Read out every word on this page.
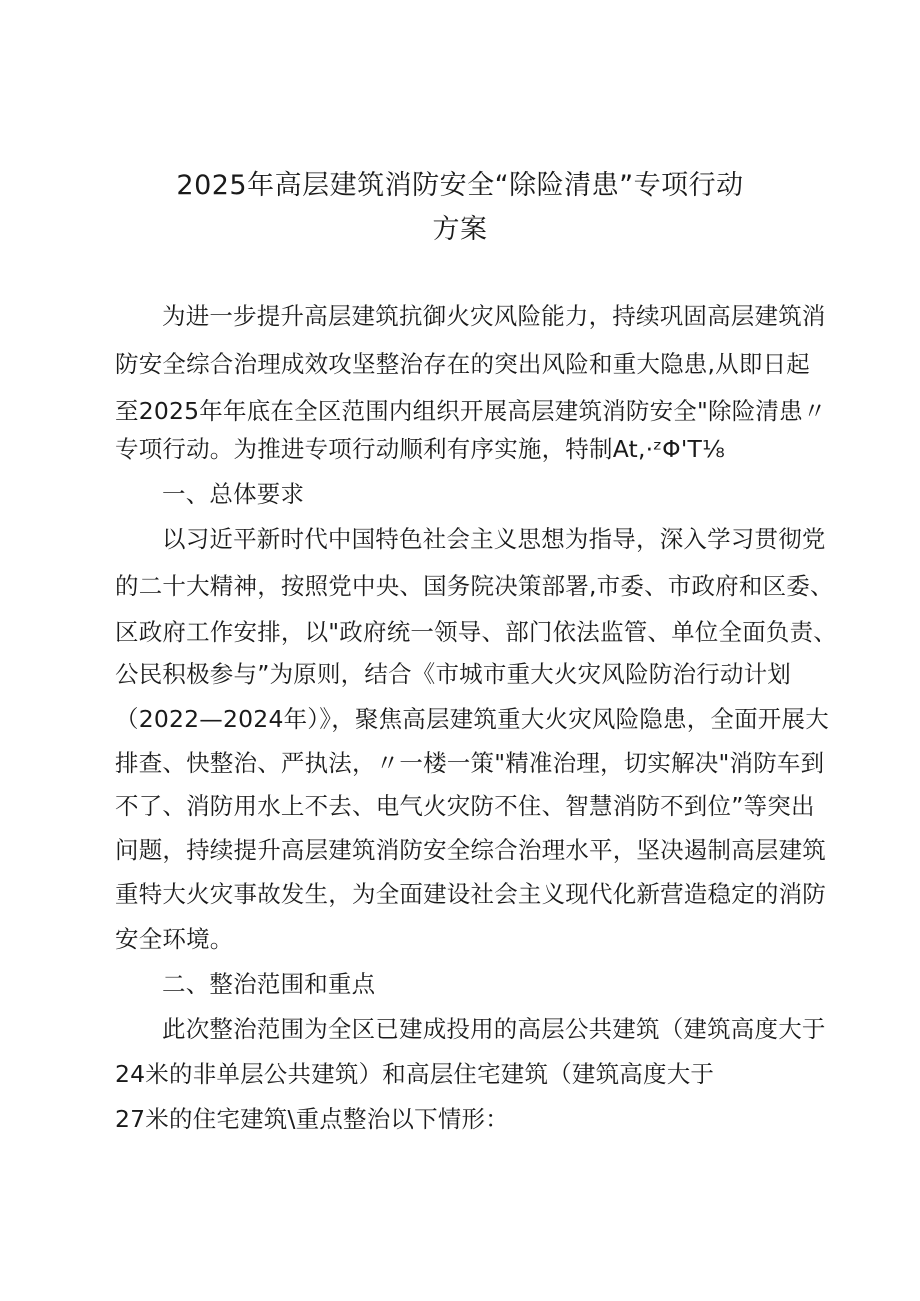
2025年高层建筑消防安全“除险清患”专项行动
方案
为进一步提升高层建筑抗御火灾风险能力，持续巩固高层建筑消
防安全综合治理成效攻坚整治存在的突出风险和重大隐患,从即日起
至2025年年底在全区范围内组织开展高层建筑消防安全"除险清患〃
专项行动。为推进专项行动顺利有序实施，特制At,·ᶻΦ'T⅛
一、总体要求
以习近平新时代中国特色社会主义思想为指导，深入学习贯彻党
的二十大精神，按照党中央、国务院决策部署,市委、市政府和区委、
区政府工作安排，以"政府统一领导、部门依法监管、单位全面负责、
公民积极参与”为原则，结合《市城市重大火灾风险防治行动计划
（2022—2024年）》，聚焦高层建筑重大火灾风险隐患，全面开展大
排查、快整治、严执法，〃一楼一策"精准治理，切实解决"消防车到
不了、消防用水上不去、电气火灾防不住、智慧消防不到位”等突出
问题，持续提升高层建筑消防安全综合治理水平，坚决遏制高层建筑
重特大火灾事故发生，为全面建设社会主义现代化新营造稳定的消防
安全环境。
二、整治范围和重点
此次整治范围为全区已建成投用的高层公共建筑（建筑高度大于
24米的非单层公共建筑）和高层住宅建筑（建筑高度大于
27米的住宅建筑\重点整治以下情形：
